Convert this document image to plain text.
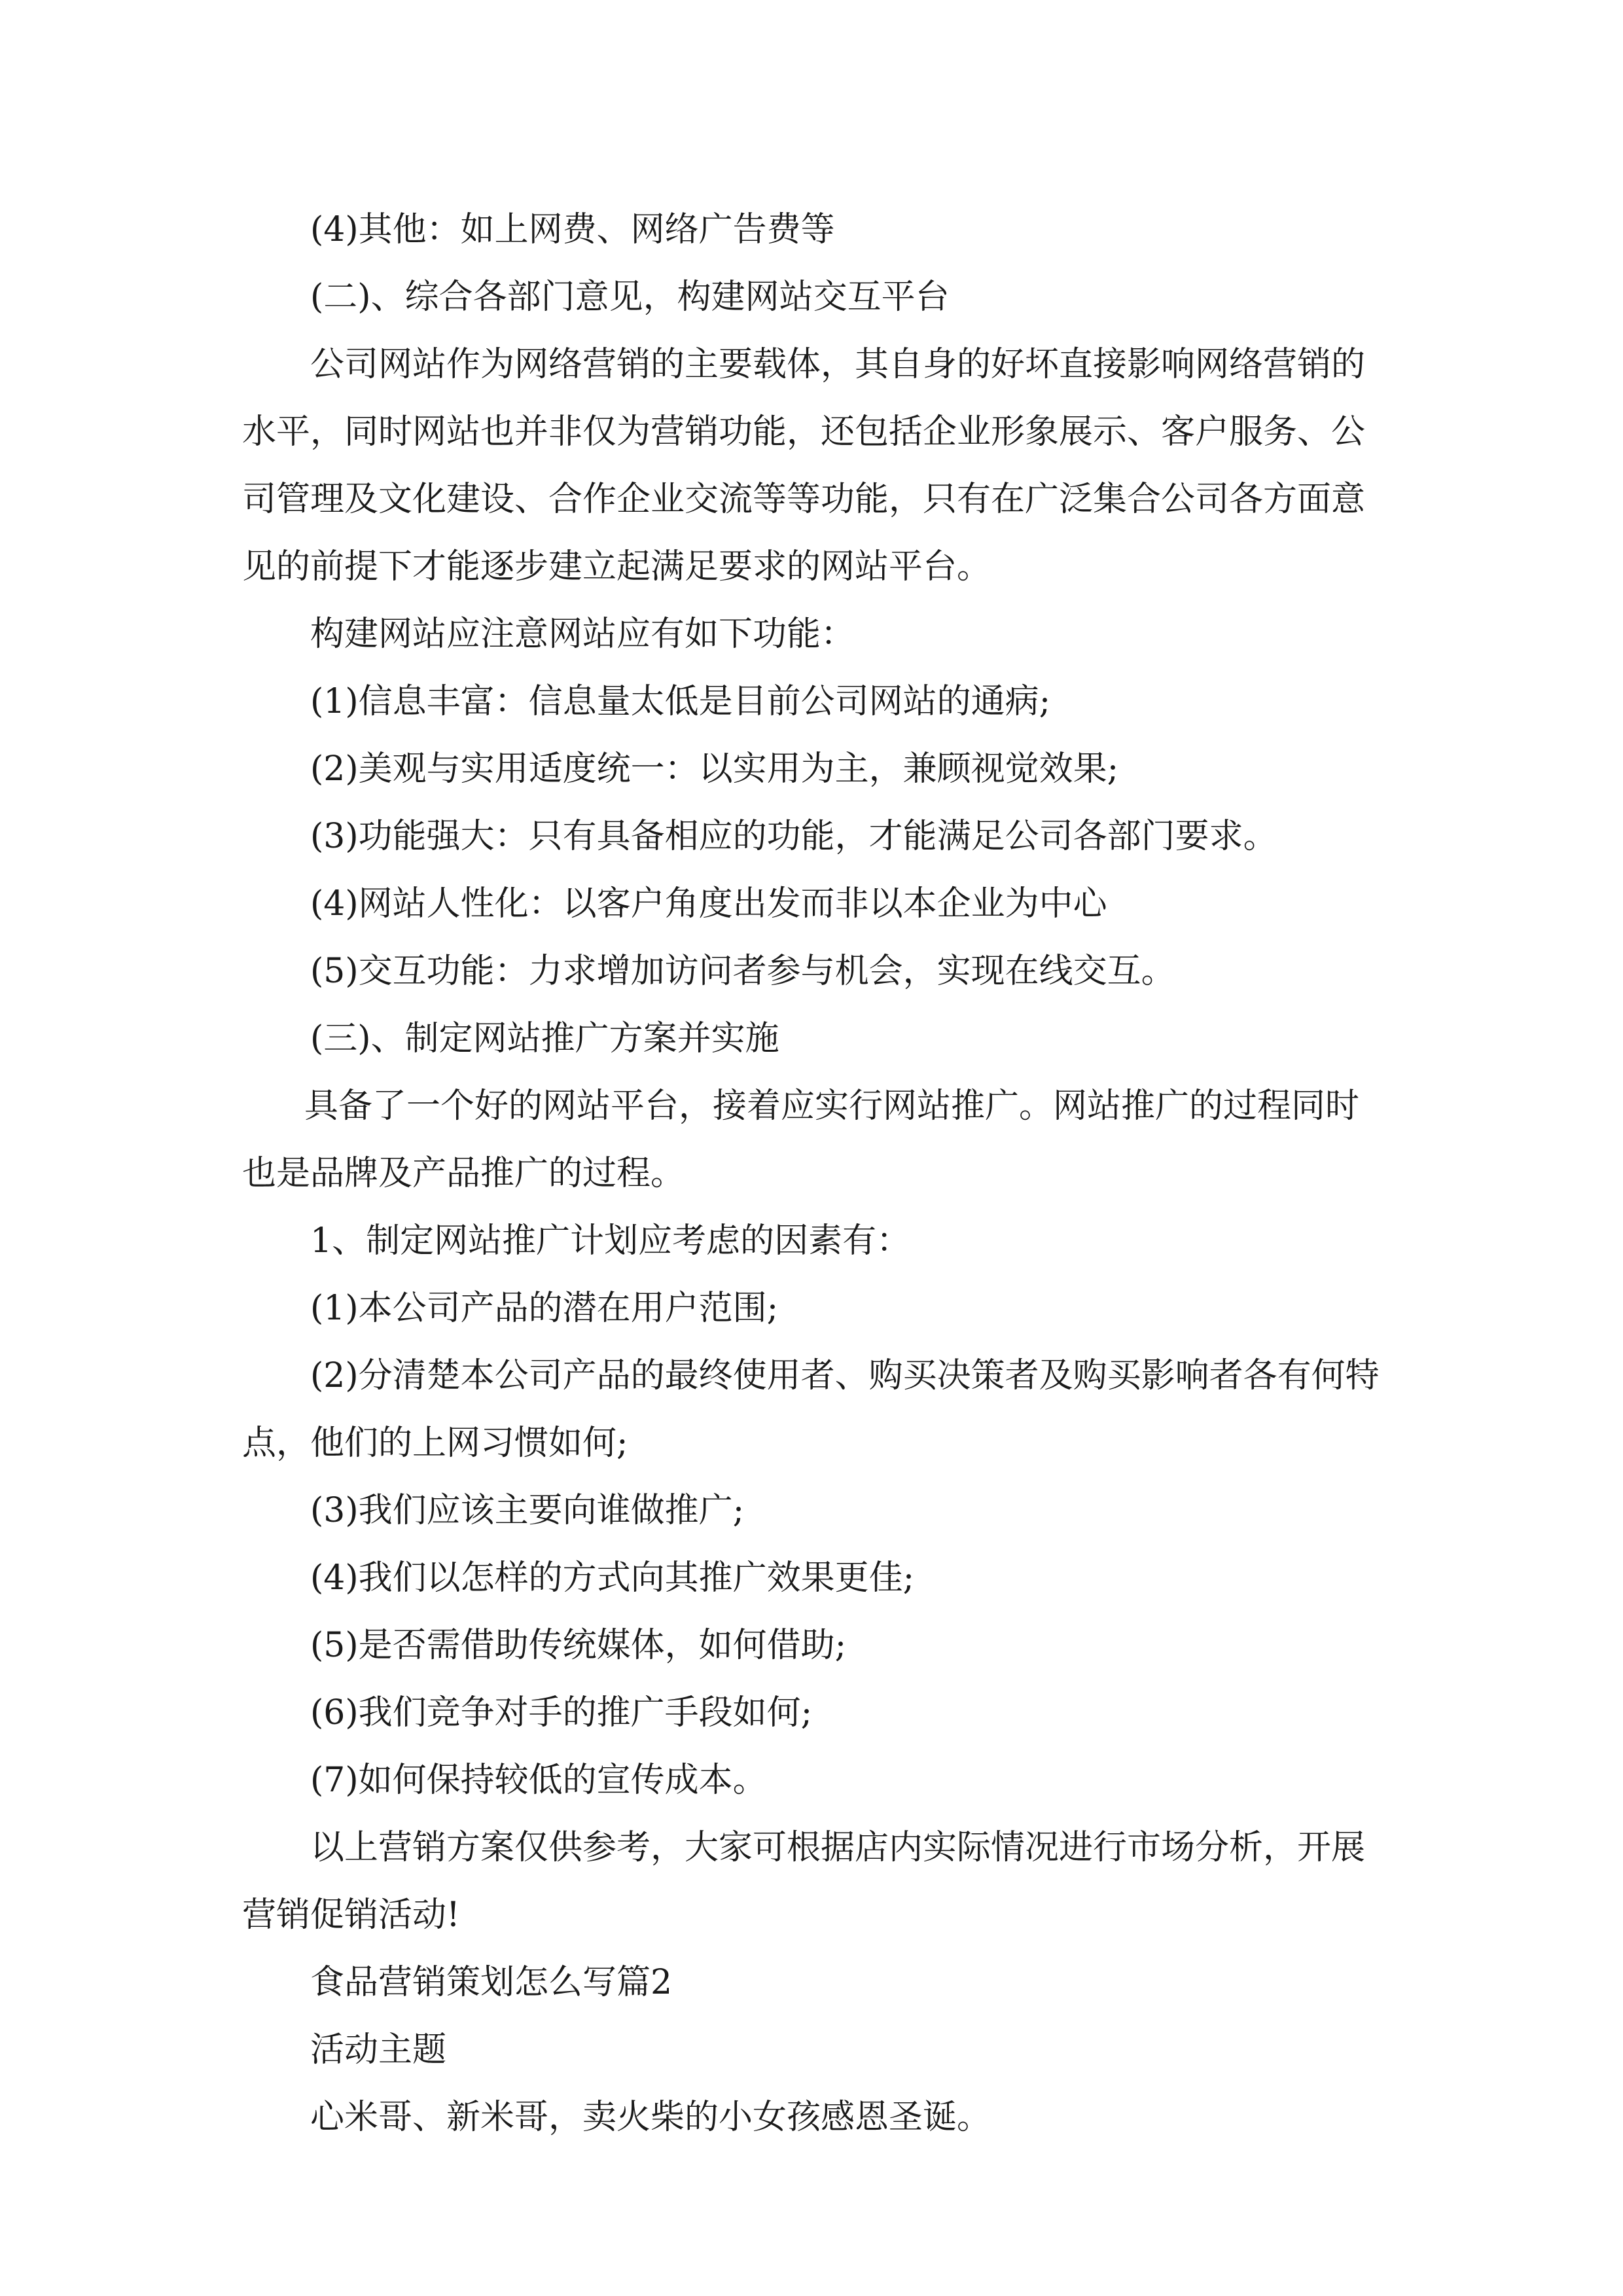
(4)其他：如上网费、网络广告费等

(二)、综合各部门意见，构建网站交互平台

公司网站作为网络营销的主要载体，其自身的好坏直接影响网络营销的水平，同时网站也并非仅为营销功能，还包括企业形象展示、客户服务、公司管理及文化建设、合作企业交流等等功能，只有在广泛集合公司各方面意见的前提下才能逐步建立起满足要求的网站平台。

构建网站应注意网站应有如下功能：

(1)信息丰富：信息量太低是目前公司网站的通病;

(2)美观与实用适度统一：以实用为主，兼顾视觉效果;

(3)功能强大：只有具备相应的功能，才能满足公司各部门要求。

(4)网站人性化：以客户角度出发而非以本企业为中心

(5)交互功能：力求增加访问者参与机会，实现在线交互。

(三)、制定网站推广方案并实施

具备了一个好的网站平台，接着应实行网站推广。网站推广的过程同时也是品牌及产品推广的过程。

1、制定网站推广计划应考虑的因素有：

(1)本公司产品的潜在用户范围;

(2)分清楚本公司产品的最终使用者、购买决策者及购买影响者各有何特点，他们的上网习惯如何;

(3)我们应该主要向谁做推广;

(4)我们以怎样的方式向其推广效果更佳;

(5)是否需借助传统媒体，如何借助;

(6)我们竞争对手的推广手段如何;

(7)如何保持较低的宣传成本。

以上营销方案仅供参考，大家可根据店内实际情况进行市场分析，开展营销促销活动!

食品营销策划怎么写篇2

活动主题

心米哥、新米哥，卖火柴的小女孩感恩圣诞。
